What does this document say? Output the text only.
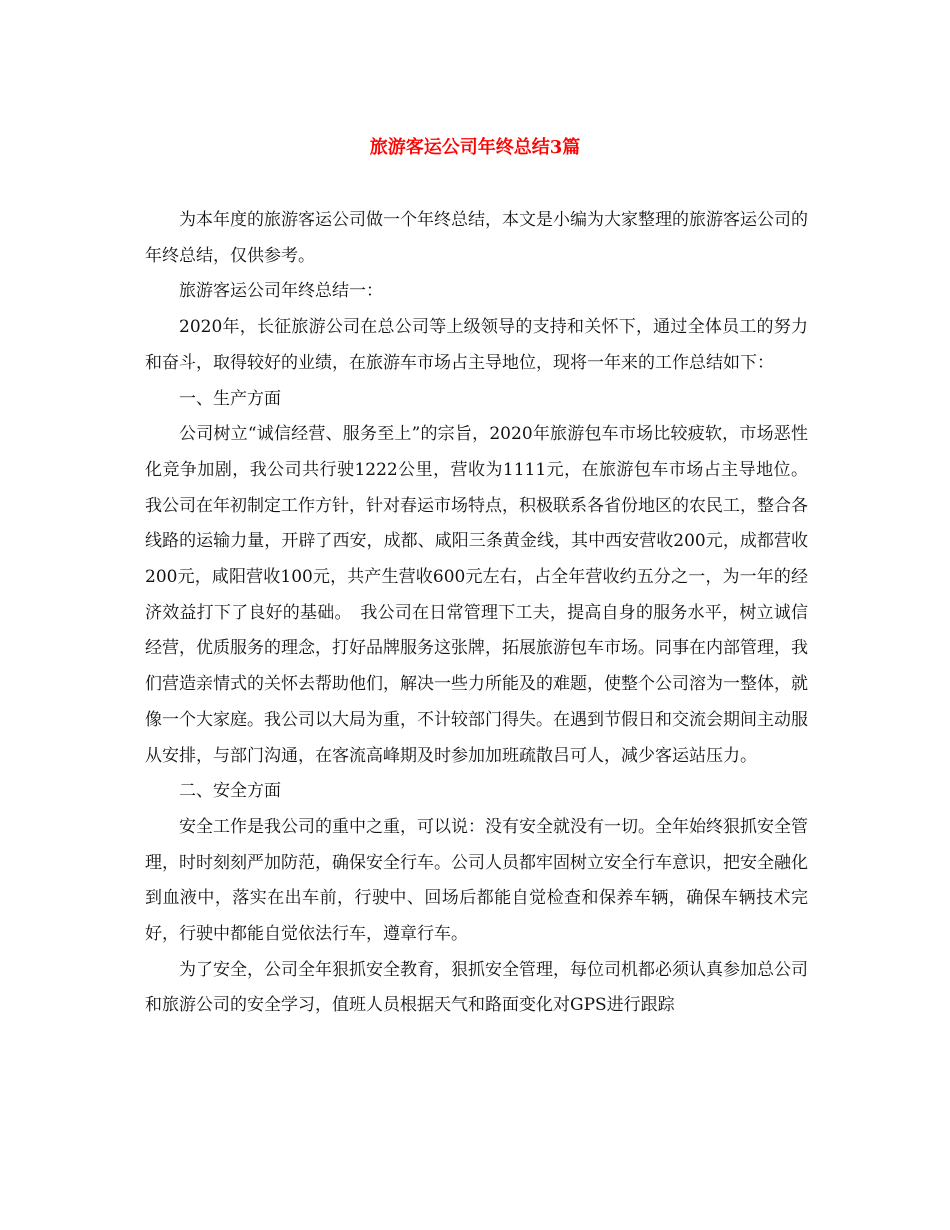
旅游客运公司年终总结3篇

为本年度的旅游客运公司做一个年终总结，本文是小编为大家整理的旅游客运公司的年终总结，仅供参考。

旅游客运公司年终总结一：

2020年，长征旅游公司在总公司等上级领导的支持和关怀下，通过全体员工的努力和奋斗，取得较好的业绩，在旅游车市场占主导地位，现将一年来的工作总结如下：

一、生产方面

公司树立“诚信经营、服务至上”的宗旨，2020年旅游包车市场比较疲软，市场恶性化竞争加剧，我公司共行驶1222公里，营收为1111元，在旅游包车市场占主导地位。我公司在年初制定工作方针，针对春运市场特点，积极联系各省份地区的农民工，整合各线路的运输力量，开辟了西安，成都、咸阳三条黄金线，其中西安营收200元，成都营收200元，咸阳营收100元，共产生营收600元左右，占全年营收约五分之一，为一年的经济效益打下了良好的基础。　我公司在日常管理下工夫，提高自身的服务水平，树立诚信经营，优质服务的理念，打好品牌服务这张牌，拓展旅游包车市场。同事在内部管理，我们营造亲情式的关怀去帮助他们，解决一些力所能及的难题，使整个公司溶为一整体，就像一个大家庭。我公司以大局为重，不计较部门得失。在遇到节假日和交流会期间主动服从安排，与部门沟通，在客流高峰期及时参加加班疏散吕可人，减少客运站压力。

二、安全方面

安全工作是我公司的重中之重，可以说：没有安全就没有一切。全年始终狠抓安全管理，时时刻刻严加防范，确保安全行车。公司人员都牢固树立安全行车意识，把安全融化到血液中，落实在出车前，行驶中、回场后都能自觉检查和保养车辆，确保车辆技术完好，行驶中都能自觉依法行车，遵章行车。

为了安全，公司全年狠抓安全教育，狠抓安全管理，每位司机都必须认真参加总公司和旅游公司的安全学习，值班人员根据天气和路面变化对GPS进行跟踪
